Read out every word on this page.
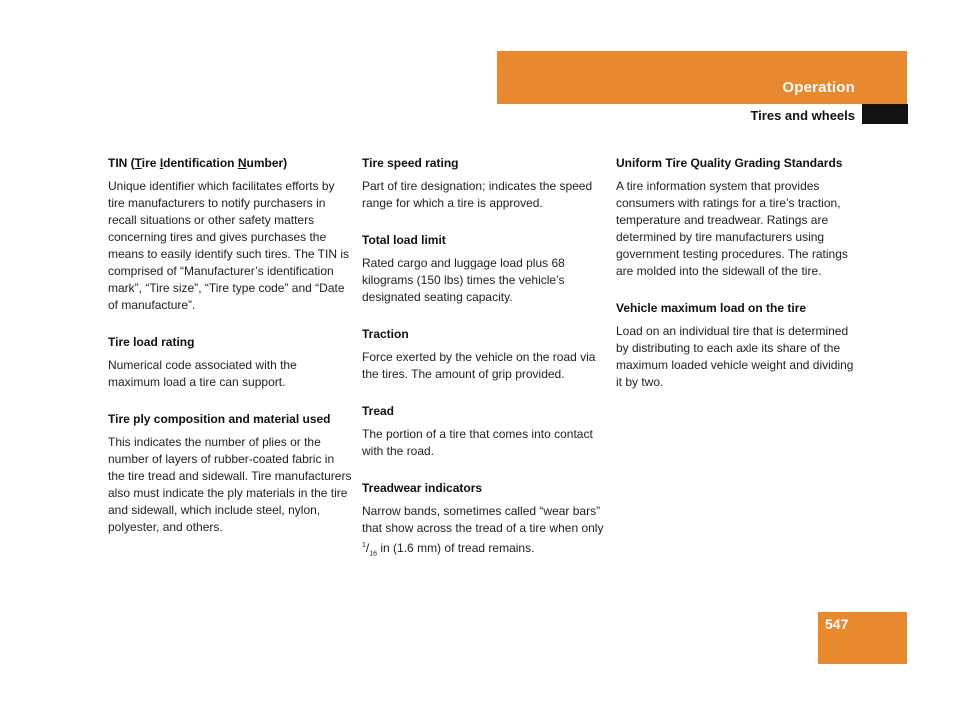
Operation
Tires and wheels

TIN (Tire Identification Number)

Unique identifier which facilitates efforts by tire manufacturers to notify purchasers in recall situations or other safety matters concerning tires and gives purchases the means to easily identify such tires. The TIN is comprised of “Manufacturer’s identification mark”, “Tire size”, “Tire type code” and “Date of manufacture”.

Tire load rating

Numerical code associated with the maximum load a tire can support.

Tire ply composition and material used

This indicates the number of plies or the number of layers of rubber-coated fabric in the tire tread and sidewall. Tire manufacturers also must indicate the ply materials in the tire and sidewall, which include steel, nylon, polyester, and others.

Tire speed rating

Part of tire designation; indicates the speed range for which a tire is approved.

Total load limit

Rated cargo and luggage load plus 68 kilograms (150 lbs) times the vehicle’s designated seating capacity.

Traction

Force exerted by the vehicle on the road via the tires. The amount of grip provided.

Tread

The portion of a tire that comes into contact with the road.

Treadwear indicators

Narrow bands, sometimes called “wear bars” that show across the tread of a tire when only $^1/_{16}$ in (1.6 mm) of tread remains.

Uniform Tire Quality Grading Standards

A tire information system that provides consumers with ratings for a tire’s traction, temperature and treadwear. Ratings are determined by tire manufacturers using government testing procedures. The ratings are molded into the sidewall of the tire.

Vehicle maximum load on the tire

Load on an individual tire that is determined by distributing to each axle its share of the maximum loaded vehicle weight and dividing it by two.

547
